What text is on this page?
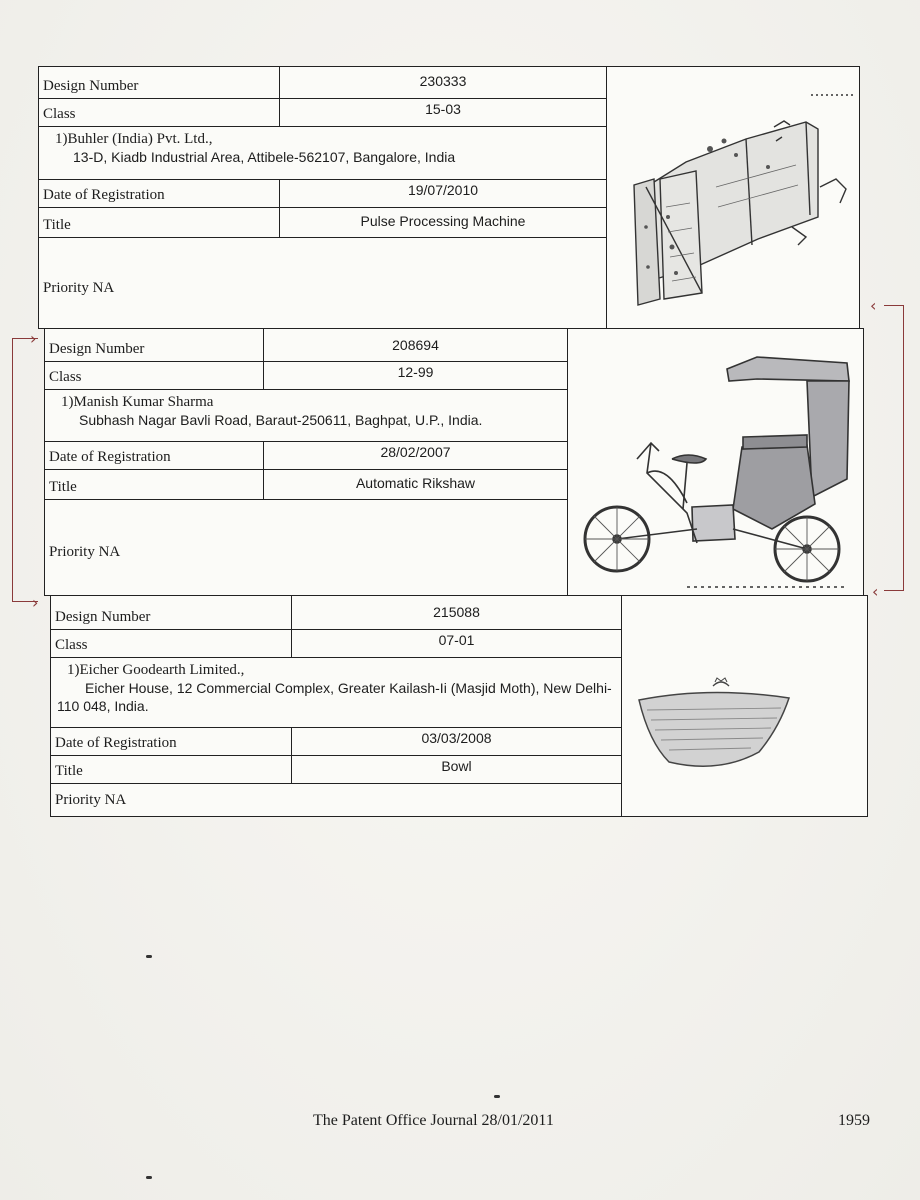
Design Number	230333
Class	15-03
1)Buhler (India) Pvt. Ltd.,
13-D, Kiadb Industrial Area, Attibele-562107, Bangalore, India
Date of Registration	19/07/2010
Title	Pulse Processing Machine
Priority NA
Design Number	208694
Class	12-99
1)Manish Kumar Sharma
Subhash Nagar Bavli Road, Baraut-250611, Baghpat, U.P., India.
Date of Registration	28/02/2007
Title	Automatic Rikshaw
Priority NA
Design Number	215088
Class	07-01
1)Eicher Goodearth Limited.,
Eicher House, 12 Commercial Complex, Greater Kailash-Ii (Masjid Moth), New Delhi-110 048, India.
Date of Registration	03/03/2008
Title	Bowl
Priority NA
›
›
‹
‹
The Patent Office Journal 28/01/2011	1959
